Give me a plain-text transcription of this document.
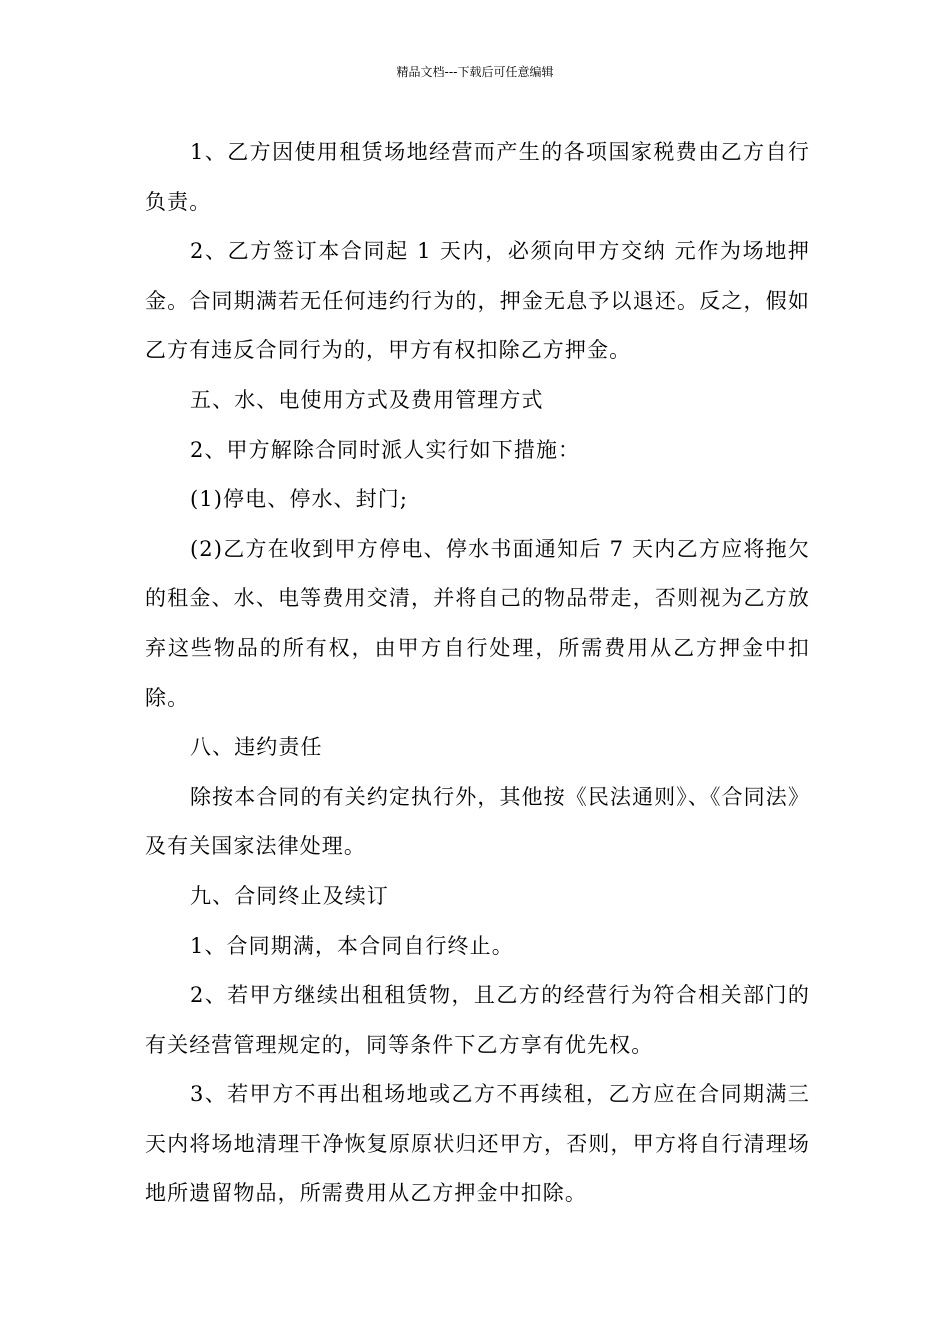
精品文档---下载后可任意编辑

1、乙方因使用租赁场地经营而产生的各项国家税费由乙方自行负责。

2、乙方签订本合同起 1 天内，必须向甲方交纳 元作为场地押金。合同期满若无任何违约行为的，押金无息予以退还。反之，假如乙方有违反合同行为的，甲方有权扣除乙方押金。

五、水、电使用方式及费用管理方式

2、甲方解除合同时派人实行如下措施：

(1)停电、停水、封门;

(2)乙方在收到甲方停电、停水书面通知后 7 天内乙方应将拖欠的租金、水、电等费用交清，并将自己的物品带走，否则视为乙方放弃这些物品的所有权，由甲方自行处理，所需费用从乙方押金中扣除。

八、违约责任

除按本合同的有关约定执行外，其他按《民法通则》、《合同法》及有关国家法律处理。

九、合同终止及续订

1、合同期满，本合同自行终止。

2、若甲方继续出租租赁物，且乙方的经营行为符合相关部门的有关经营管理规定的，同等条件下乙方享有优先权。

3、若甲方不再出租场地或乙方不再续租，乙方应在合同期满三天内将场地清理干净恢复原原状归还甲方，否则，甲方将自行清理场地所遗留物品，所需费用从乙方押金中扣除。
